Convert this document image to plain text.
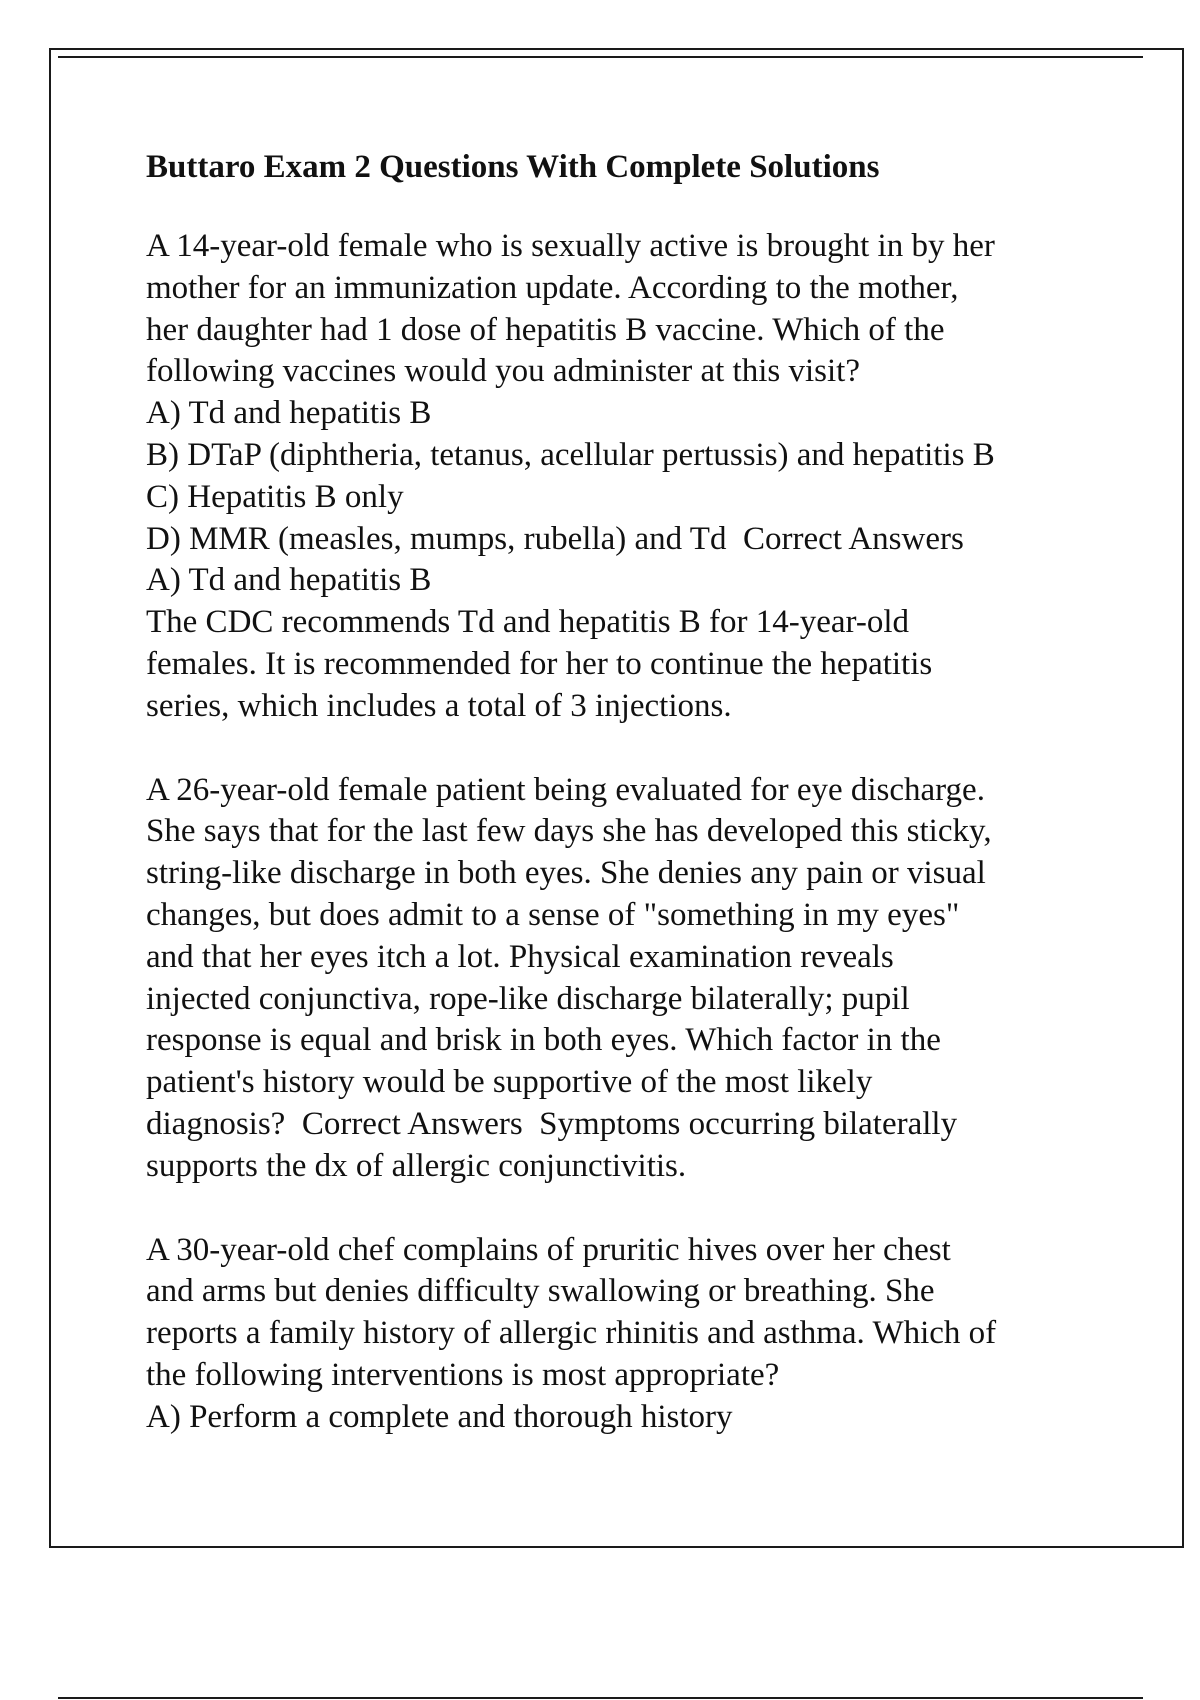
Buttaro Exam 2 Questions With Complete Solutions

A 14-year-old female who is sexually active is brought in by her

mother for an immunization update. According to the mother,

her daughter had 1 dose of hepatitis B vaccine. Which of the

following vaccines would you administer at this visit?

A) Td and hepatitis B

B) DTaP (diphtheria, tetanus, acellular pertussis) and hepatitis B

C) Hepatitis B only

D) MMR (measles, mumps, rubella) and Td  Correct Answers

A) Td and hepatitis B

The CDC recommends Td and hepatitis B for 14-year-old

females. It is recommended for her to continue the hepatitis

series, which includes a total of 3 injections.

A 26-year-old female patient being evaluated for eye discharge.

She says that for the last few days she has developed this sticky,

string-like discharge in both eyes. She denies any pain or visual

changes, but does admit to a sense of "something in my eyes"

and that her eyes itch a lot. Physical examination reveals

injected conjunctiva, rope-like discharge bilaterally; pupil

response is equal and brisk in both eyes. Which factor in the

patient's history would be supportive of the most likely

diagnosis?  Correct Answers  Symptoms occurring bilaterally

supports the dx of allergic conjunctivitis.

A 30-year-old chef complains of pruritic hives over her chest

and arms but denies difficulty swallowing or breathing. She

reports a family history of allergic rhinitis and asthma. Which of

the following interventions is most appropriate?

A) Perform a complete and thorough history
